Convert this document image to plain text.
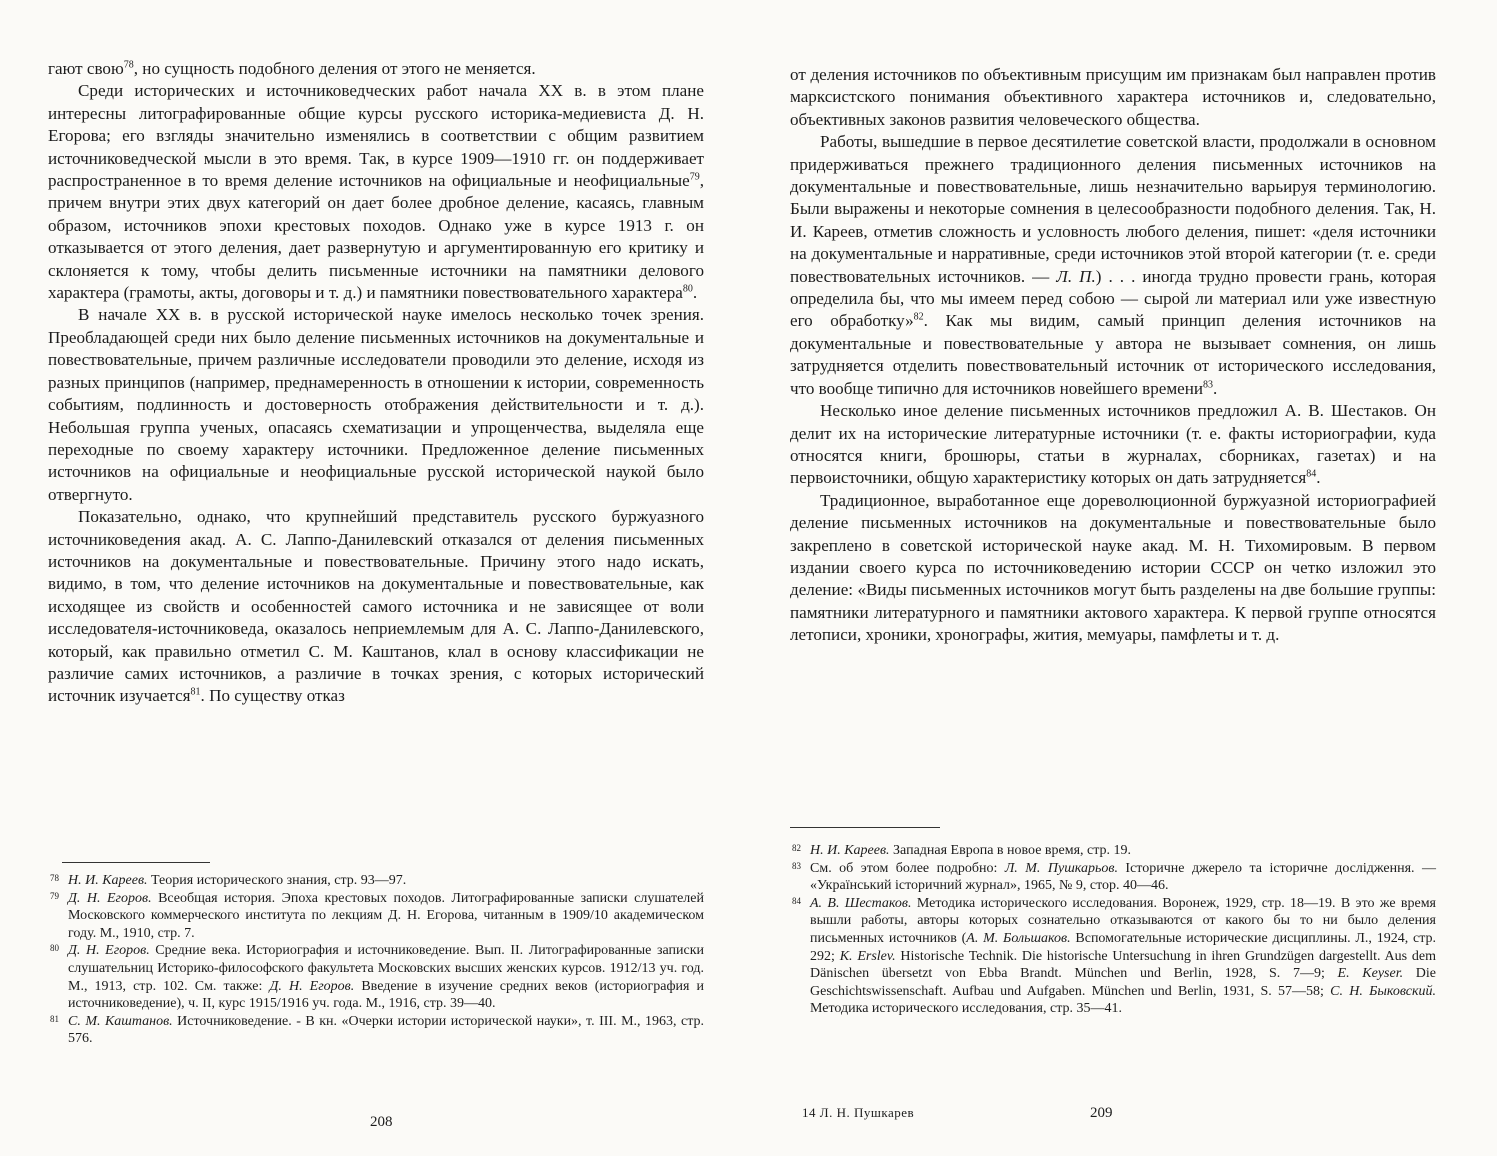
гают свою$^{78}$, но сущность подобного деления от этого не меняется.

Среди исторических и источниковедческих работ начала XX в. в этом плане интересны литографированные общие курсы русского историка-медиевиста Д. Н. Егорова; его взгляды значительно изменялись в соответствии с общим развитием источниковедческой мысли в это время. Так, в курсе 1909—1910 гг. он поддерживает распространенное в то время деление источников на официальные и неофициальные$^{79}$, причем внутри этих двух категорий он дает более дробное деление, касаясь, главным образом, источников эпохи крестовых походов. Однако уже в курсе 1913 г. он отказывается от этого деления, дает развернутую и аргументированную его критику и склоняется к тому, чтобы делить письменные источники на памятники делового характера (грамоты, акты, договоры и т. д.) и памятники повествовательного характера$^{80}$.

В начале XX в. в русской исторической науке имелось несколько точек зрения. Преобладающей среди них было деление письменных источников на документальные и повествовательные, причем различные исследователи проводили это деление, исходя из разных принципов (например, преднамеренность в отношении к истории, современность событиям, подлинность и достоверность отображения действительности и т. д.). Небольшая группа ученых, опасаясь схематизации и упрощенчества, выделяла еще переходные по своему характеру источники. Предложенное деление письменных источников на официальные и неофициальные русской исторической наукой было отвергнуто.

Показательно, однако, что крупнейший представитель русского буржуазного источниковедения акад. А. С. Лаппо-Данилевский отказался от деления письменных источников на документальные и повествовательные. Причину этого надо искать, видимо, в том, что деление источников на документальные и повествовательные, как исходящее из свойств и особенностей самого источника и не зависящее от воли исследователя-источниковеда, оказалось неприемлемым для А. С. Лаппо-Данилевского, который, как правильно отметил С. М. Каштанов, клал в основу классификации не различие самих источников, а различие в точках зрения, с которых исторический источник изучается$^{81}$. По существу отказ

78 Н. И. Кареев. Теория исторического знания, стр. 93—97.

79 Д. Н. Егоров. Всеобщая история. Эпоха крестовых походов. Литографированные записки слушателей Московского коммерческого института по лекциям Д. Н. Егорова, читанным в 1909/10 академическом году. М., 1910, стр. 7.

80 Д. Н. Егоров. Средние века. Историография и источниковедение. Вып. II. Литографированные записки слушательниц Историко-философского факультета Московских высших женских курсов. 1912/13 уч. год. М., 1913, стр. 102. См. также: Д. Н. Егоров. Введение в изучение средних веков (историография и источниковедение), ч. II, курс 1915/1916 уч. года. М., 1916, стр. 39—40.

81 С. М. Каштанов. Источниковедение. - В кн. «Очерки истории исторической науки», т. III. М., 1963, стр. 576.

208

от деления источников по объективным присущим им признакам был направлен против марксистского понимания объективного характера источников и, следовательно, объективных законов развития человеческого общества.

Работы, вышедшие в первое десятилетие советской власти, продолжали в основном придерживаться прежнего традиционного деления письменных источников на документальные и повествовательные, лишь незначительно варьируя терминологию. Были выражены и некоторые сомнения в целесообразности подобного деления. Так, Н. И. Кареев, отметив сложность и условность любого деления, пишет: «деля источники на документальные и нарративные, среди источников этой второй категории (т. е. среди повествовательных источников. — Л. П.) . . . иногда трудно провести грань, которая определила бы, что мы имеем перед собою — сырой ли материал или уже известную его обработку»$^{82}$. Как мы видим, самый принцип деления источников на документальные и повествовательные у автора не вызывает сомнения, он лишь затрудняется отделить повествовательный источник от исторического исследования, что вообще типично для источников новейшего времени$^{83}$.

Несколько иное деление письменных источников предложил А. В. Шестаков. Он делит их на исторические литературные источники (т. е. факты историографии, куда относятся книги, брошюры, статьи в журналах, сборниках, газетах) и на первоисточники, общую характеристику которых он дать затрудняется$^{84}$.

Традиционное, выработанное еще дореволюционной буржуазной историографией деление письменных источников на документальные и повествовательные было закреплено в советской исторической науке акад. М. Н. Тихомировым. В первом издании своего курса по источниковедению истории СССР он четко изложил это деление: «Виды письменных источников могут быть разделены на две большие группы: памятники литературного и памятники актового характера. К первой группе относятся летописи, хроники, хронографы, жития, мемуары, памфлеты и т. д.

82 Н. И. Кареев. Западная Европа в новое время, стр. 19.

83 См. об этом более подробно: Л. М. Пушкарьов. Історичне джерело та історичне дослідження. — «Український історичний журнал», 1965, № 9, стор. 40—46.

84 А. В. Шестаков. Методика исторического исследования. Воронеж, 1929, стр. 18—19. В это же время вышли работы, авторы которых сознательно отказываются от какого бы то ни было деления письменных источников (А. М. Большаков. Вспомогательные исторические дисциплины. Л., 1924, стр. 292; K. Erslev. Historische Technik. Die historische Untersuchung in ihren Grundzügen dargestellt. Aus dem Dänischen übersetzt von Ebba Brandt. München und Berlin, 1928, S. 7—9; E. Keyser. Die Geschichtswissenschaft. Aufbau und Aufgaben. München und Berlin, 1931, S. 57—58; С. Н. Быковский. Методика исторического исследования, стр. 35—41.

14 Л. Н. Пушкарев	209
